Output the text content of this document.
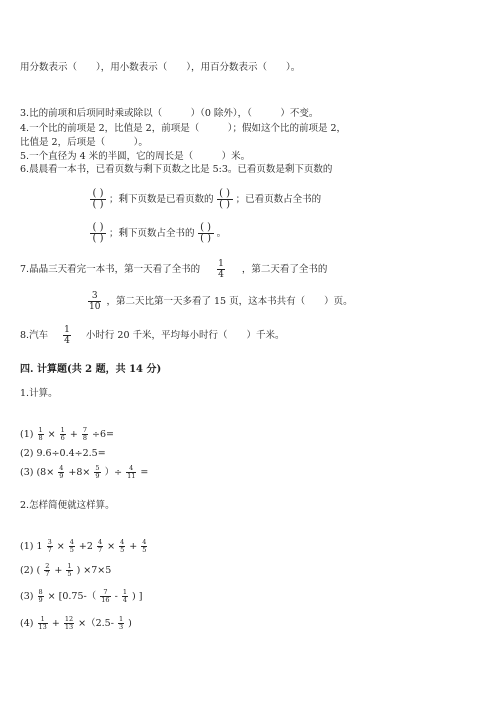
用分数表示（　　），用小数表示（　　），用百分数表示（　　）。
3.比的前项和后项同时乘或除以（　　　）（0 除外），（　　　）不变。
4.一个比的前项是 2，比值是 2，前项是（　　　）；假如这个比的前项是 2，
比值是 2，后项是（　　　）。
5.一个直径为 4 米的半圆，它的周长是（　　　）米。
6.晨晨看一本书，已看页数与剩下页数之比是 5:3。已看页数是剩下页数的
( )
( ) ；剩下页数是已看页数的
( )
( ) ；已看页数占全书的
( )
( ) ；剩下页数占全书的
( )
( ) 。
7.晶晶三天看完一本书，第一天看了全书的 $\frac{1}{4}$ ，第二天看了全书的
$\frac{3}{10}$ ，第二天比第一天多看了 15 页，这本书共有（　　）页。
8.汽车 $\frac{1}{4}$ 小时行 20 千米，平均每小时行（　　）千米。
四. 计算题(共 2 题，共 14 分)
1.计算。
$(1) \frac{1}{8} \times \frac{1}{6} + \frac{7}{8} \div 6=$
(2) 9.6÷0.4÷2.5=
(3) ($8\times \frac{4}{9} +8\times \frac{5}{9}$ ）÷ $\frac{4}{11}$ =
2.怎样简便就这样算。
(1) $1 \frac{3}{7} \times \frac{4}{5} +2 \frac{4}{7} \times \frac{4}{5} + \frac{4}{5}$
(2) ( $\frac{2}{7} + \frac{1}{5}$ ) ×7×5
$(3) \frac{8}{9} \times [0.75-( \frac{7}{16} - \frac{1}{4}$ ) ]
$(4) \frac{1}{13} + \frac{12}{13} \times(2.5- \frac{1}{3}$ )
